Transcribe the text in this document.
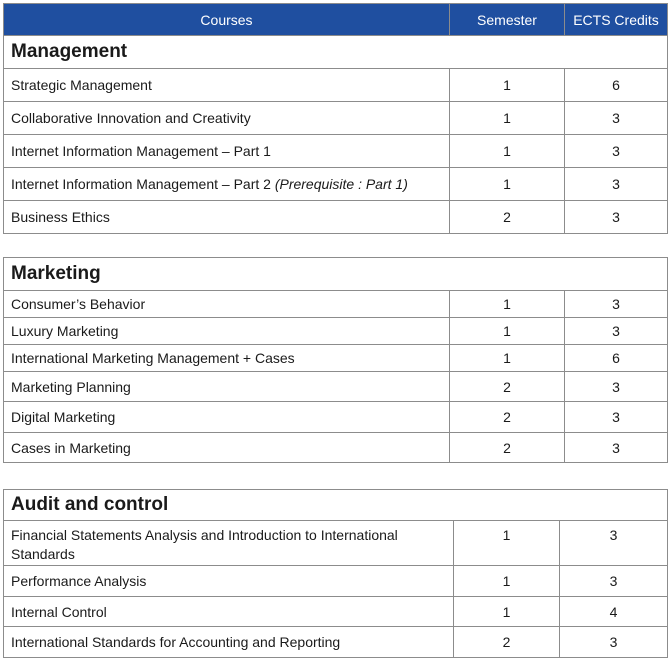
Courses	Semester	ECTS Credits
Management		
Strategic Management	1	6
Collaborative Innovation and Creativity	1	3
Internet Information Management – Part 1	1	3
Internet Information Management – Part 2 (Prerequisite : Part 1)	1	3
Business Ethics	2	3
Marketing		
Consumer’s Behavior	1	3
Luxury Marketing	1	3
International Marketing Management + Cases	1	6
Marketing Planning	2	3
Digital Marketing	2	3
Cases in Marketing	2	3
Audit and control		
Financial Statements Analysis and Introduction to International Standards	1	3
Performance Analysis	1	3
Internal Control	1	4
International Standards for Accounting and Reporting	2	3
